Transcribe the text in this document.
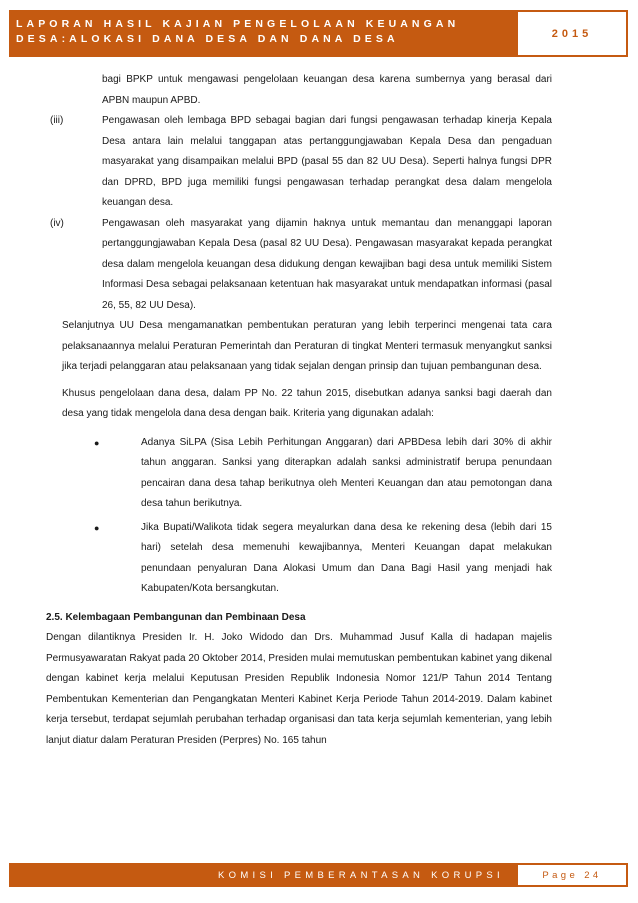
LAPORAN HASIL KAJIAN PENGELOLAAN KEUANGAN
DESA:ALOKASI DANA DESA DAN DANA DESA	2015

bagi BPKP untuk mengawasi pengelolaan keuangan desa karena sumbernya yang berasal dari APBN maupun APBD.

(iii)	Pengawasan oleh lembaga BPD sebagai bagian dari fungsi pengawasan terhadap kinerja Kepala Desa antara lain melalui tanggapan atas pertanggungjawaban Kepala Desa dan pengaduan masyarakat yang disampaikan melalui BPD (pasal 55 dan 82 UU Desa). Seperti halnya fungsi DPR dan DPRD, BPD juga memiliki fungsi pengawasan terhadap perangkat desa dalam mengelola keuangan desa.
(iv)	Pengawasan oleh masyarakat yang dijamin haknya untuk memantau dan menanggapi laporan pertanggungjawaban Kepala Desa (pasal 82 UU Desa). Pengawasan masyarakat kepada perangkat desa dalam mengelola keuangan desa didukung dengan kewajiban bagi desa untuk memiliki Sistem Informasi Desa sebagai pelaksanaan ketentuan hak masyarakat untuk mendapatkan informasi (pasal 26, 55, 82 UU Desa).

Selanjutnya UU Desa mengamanatkan pembentukan peraturan yang lebih terperinci mengenai tata cara pelaksanaannya melalui Peraturan Pemerintah dan Peraturan di tingkat Menteri termasuk menyangkut sanksi jika terjadi pelanggaran atau pelaksanaan yang tidak sejalan dengan prinsip dan tujuan pembangunan desa.

Khusus pengelolaan dana desa, dalam PP No. 22 tahun 2015, disebutkan adanya sanksi bagi daerah dan desa yang tidak mengelola dana desa dengan baik. Kriteria yang digunakan adalah:

●	Adanya SiLPA (Sisa Lebih Perhitungan Anggaran) dari APBDesa lebih dari 30% di akhir tahun anggaran. Sanksi yang diterapkan adalah sanksi administratif berupa penundaan pencairan dana desa tahap berikutnya oleh Menteri Keuangan dan atau pemotongan dana desa tahun berikutnya.
●	Jika Bupati/Walikota tidak segera meyalurkan dana desa ke rekening desa (lebih dari 15 hari) setelah desa memenuhi kewajibannya, Menteri Keuangan dapat melakukan penundaan penyaluran Dana Alokasi Umum dan Dana Bagi Hasil yang menjadi hak Kabupaten/Kota bersangkutan.

2.5. Kelembagaan Pembangunan dan Pembinaan Desa

Dengan dilantiknya Presiden Ir. H. Joko Widodo dan Drs. Muhammad Jusuf Kalla di hadapan majelis Permusyawaratan Rakyat pada 20 Oktober 2014, Presiden mulai memutuskan pembentukan kabinet yang dikenal dengan kabinet kerja melalui Keputusan Presiden Republik Indonesia Nomor 121/P Tahun 2014 Tentang Pembentukan Kementerian dan Pengangkatan Menteri Kabinet Kerja Periode Tahun 2014-2019. Dalam kabinet kerja tersebut, terdapat sejumlah perubahan terhadap organisasi dan tata kerja sejumlah kementerian, yang lebih lanjut diatur dalam Peraturan Presiden (Perpres) No. 165 tahun

KOMISI PEMBERANTASAN KORUPSI	Page 24
